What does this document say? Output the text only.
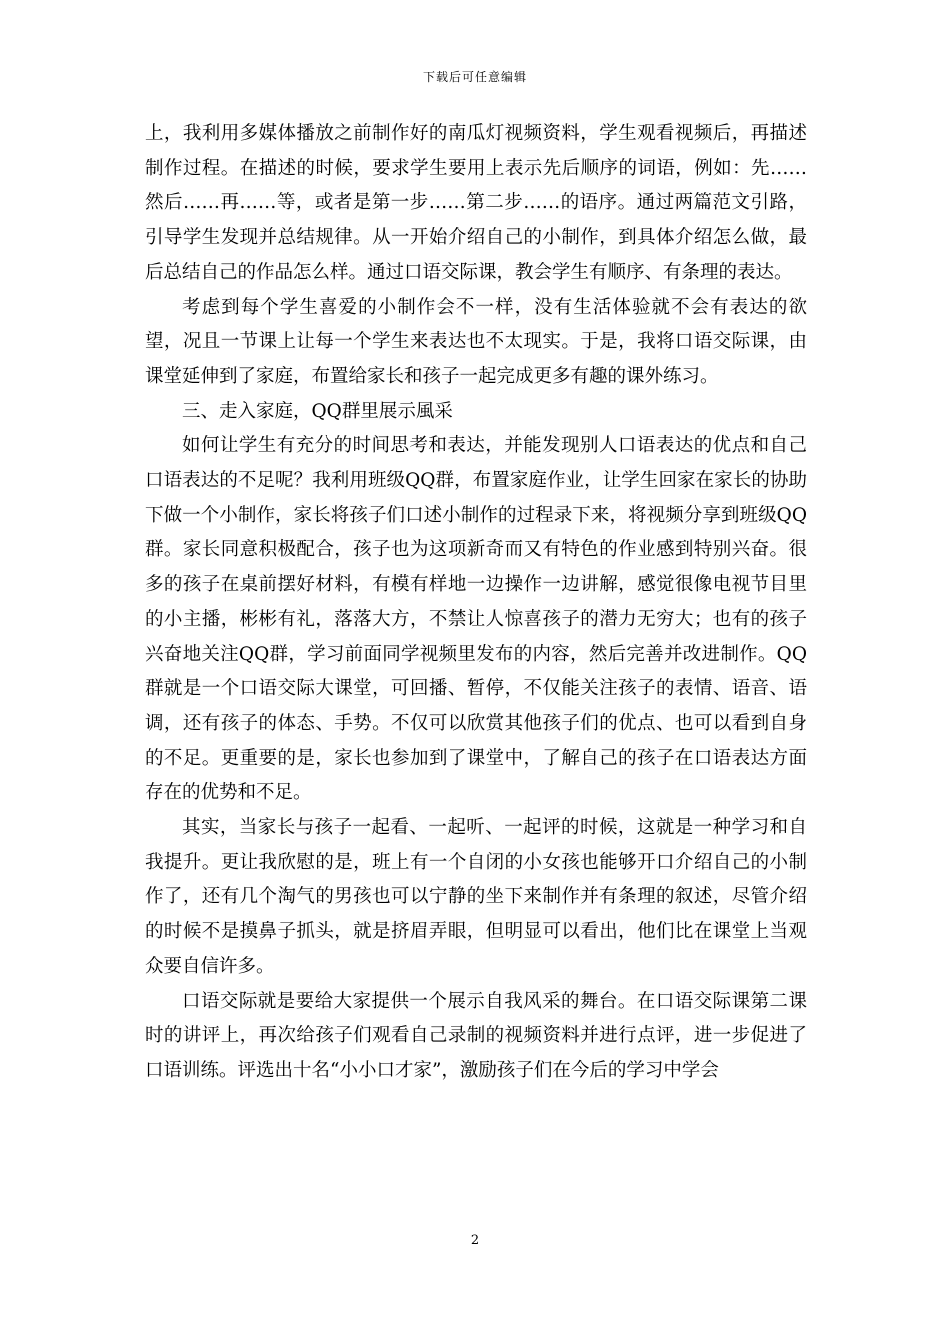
下载后可任意编辑

上，我利用多媒体播放之前制作好的南瓜灯视频资料，学生观看视频后，再描述制作过程。在描述的时候，要求学生要用上表示先后顺序的词语，例如：先……然后……再……等，或者是第一步……第二步……的语序。通过两篇范文引路，引导学生发现并总结规律。从一开始介绍自己的小制作，到具体介绍怎么做，最后总结自己的作品怎么样。通过口语交际课，教会学生有顺序、有条理的表达。

考虑到每个学生喜爱的小制作会不一样，没有生活体验就不会有表达的欲望，况且一节课上让每一个学生来表达也不太现实。于是，我将口语交际课，由课堂延伸到了家庭，布置给家长和孩子一起完成更多有趣的课外练习。

三、走入家庭，QQ群里展示風采

如何让学生有充分的时间思考和表达，并能发现别人口语表达的优点和自己口语表达的不足呢？我利用班级QQ群，布置家庭作业，让学生回家在家长的协助下做一个小制作，家长将孩子们口述小制作的过程录下来，将视频分享到班级QQ群。家长同意积极配合，孩子也为这项新奇而又有特色的作业感到特别兴奋。很多的孩子在桌前摆好材料，有模有样地一边操作一边讲解，感觉很像电视节目里的小主播，彬彬有礼，落落大方，不禁让人惊喜孩子的潜力无穷大；也有的孩子兴奋地关注QQ群，学习前面同学视频里发布的内容，然后完善并改进制作。QQ群就是一个口语交际大课堂，可回播、暂停，不仅能关注孩子的表情、语音、语调，还有孩子的体态、手势。不仅可以欣赏其他孩子们的优点、也可以看到自身的不足。更重要的是，家长也参加到了课堂中，了解自己的孩子在口语表达方面存在的优势和不足。

其实，当家长与孩子一起看、一起听、一起评的时候，这就是一种学习和自我提升。更让我欣慰的是，班上有一个自闭的小女孩也能够开口介绍自己的小制作了，还有几个淘气的男孩也可以宁静的坐下来制作并有条理的叙述，尽管介绍的时候不是摸鼻子抓头，就是挤眉弄眼，但明显可以看出，他们比在课堂上当观众要自信许多。

口语交际就是要给大家提供一个展示自我风采的舞台。在口语交际课第二课时的讲评上，再次给孩子们观看自己录制的视频资料并进行点评，进一步促进了口语训练。评选出十名“小小口才家”，激励孩子们在今后的学习中学会

2
